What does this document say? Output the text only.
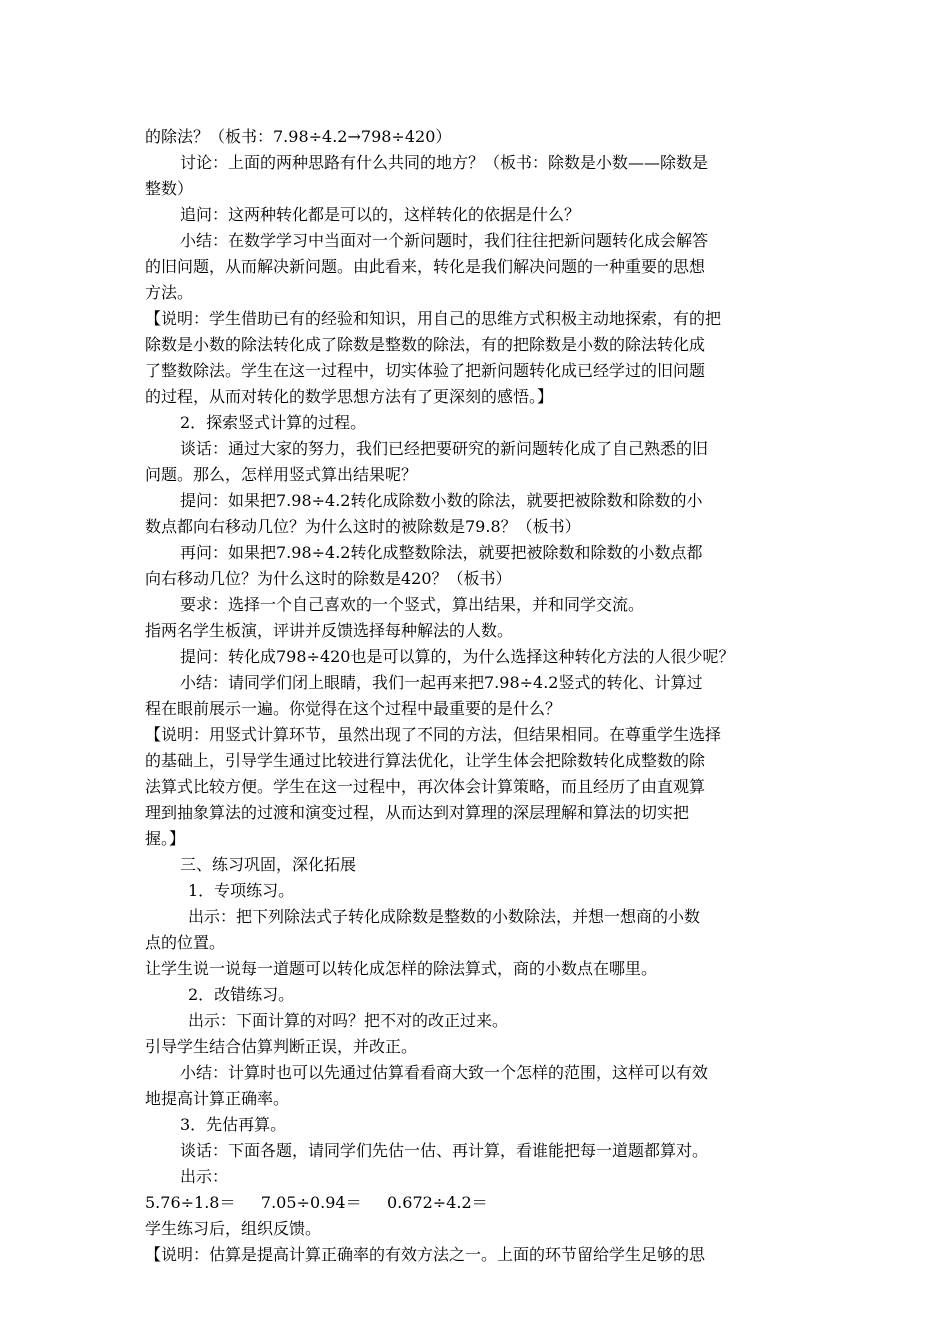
的除法？（板书：7.98÷4.2→798÷420）
讨论：上面的两种思路有什么共同的地方？（板书：除数是小数——除数是
整数）
追问：这两种转化都是可以的，这样转化的依据是什么？
小结：在数学学习中当面对一个新问题时，我们往往把新问题转化成会解答
的旧问题，从而解决新问题。由此看来，转化是我们解决问题的一种重要的思想
方法。
【说明：学生借助已有的经验和知识，用自己的思维方式积极主动地探索，有的把
除数是小数的除法转化成了除数是整数的除法，有的把除数是小数的除法转化成
了整数除法。学生在这一过程中，切实体验了把新问题转化成已经学过的旧问题
的过程，从而对转化的数学思想方法有了更深刻的感悟。】
2．探索竖式计算的过程。
谈话：通过大家的努力，我们已经把要研究的新问题转化成了自己熟悉的旧
问题。那么，怎样用竖式算出结果呢？
提问：如果把7.98÷4.2转化成除数小数的除法，就要把被除数和除数的小
数点都向右移动几位？为什么这时的被除数是79.8？（板书）
再问：如果把7.98÷4.2转化成整数除法，就要把被除数和除数的小数点都
向右移动几位？为什么这时的除数是420？（板书）
要求：选择一个自己喜欢的一个竖式，算出结果，并和同学交流。
指两名学生板演，评讲并反馈选择每种解法的人数。
提问：转化成798÷420也是可以算的，为什么选择这种转化方法的人很少呢？
小结：请同学们闭上眼睛，我们一起再来把7.98÷4.2竖式的转化、计算过
程在眼前展示一遍。你觉得在这个过程中最重要的是什么？
【说明：用竖式计算环节，虽然出现了不同的方法，但结果相同。在尊重学生选择
的基础上，引导学生通过比较进行算法优化，让学生体会把除数转化成整数的除
法算式比较方便。学生在这一过程中，再次体会计算策略，而且经历了由直观算
理到抽象算法的过渡和演变过程，从而达到对算理的深层理解和算法的切实把
握。】
三、练习巩固，深化拓展
1．专项练习。
出示：把下列除法式子转化成除数是整数的小数除法，并想一想商的小数
点的位置。
让学生说一说每一道题可以转化成怎样的除法算式，商的小数点在哪里。
2．改错练习。
出示：下面计算的对吗？把不对的改正过来。
引导学生结合估算判断正误，并改正。
小结：计算时也可以先通过估算看看商大致一个怎样的范围，这样可以有效
地提高计算正确率。
3．先估再算。
谈话：下面各题，请同学们先估一估、再计算，看谁能把每一道题都算对。
出示：
5.76÷1.8＝     7.05÷0.94＝     0.672÷4.2＝
学生练习后，组织反馈。
【说明：估算是提高计算正确率的有效方法之一。上面的环节留给学生足够的思
